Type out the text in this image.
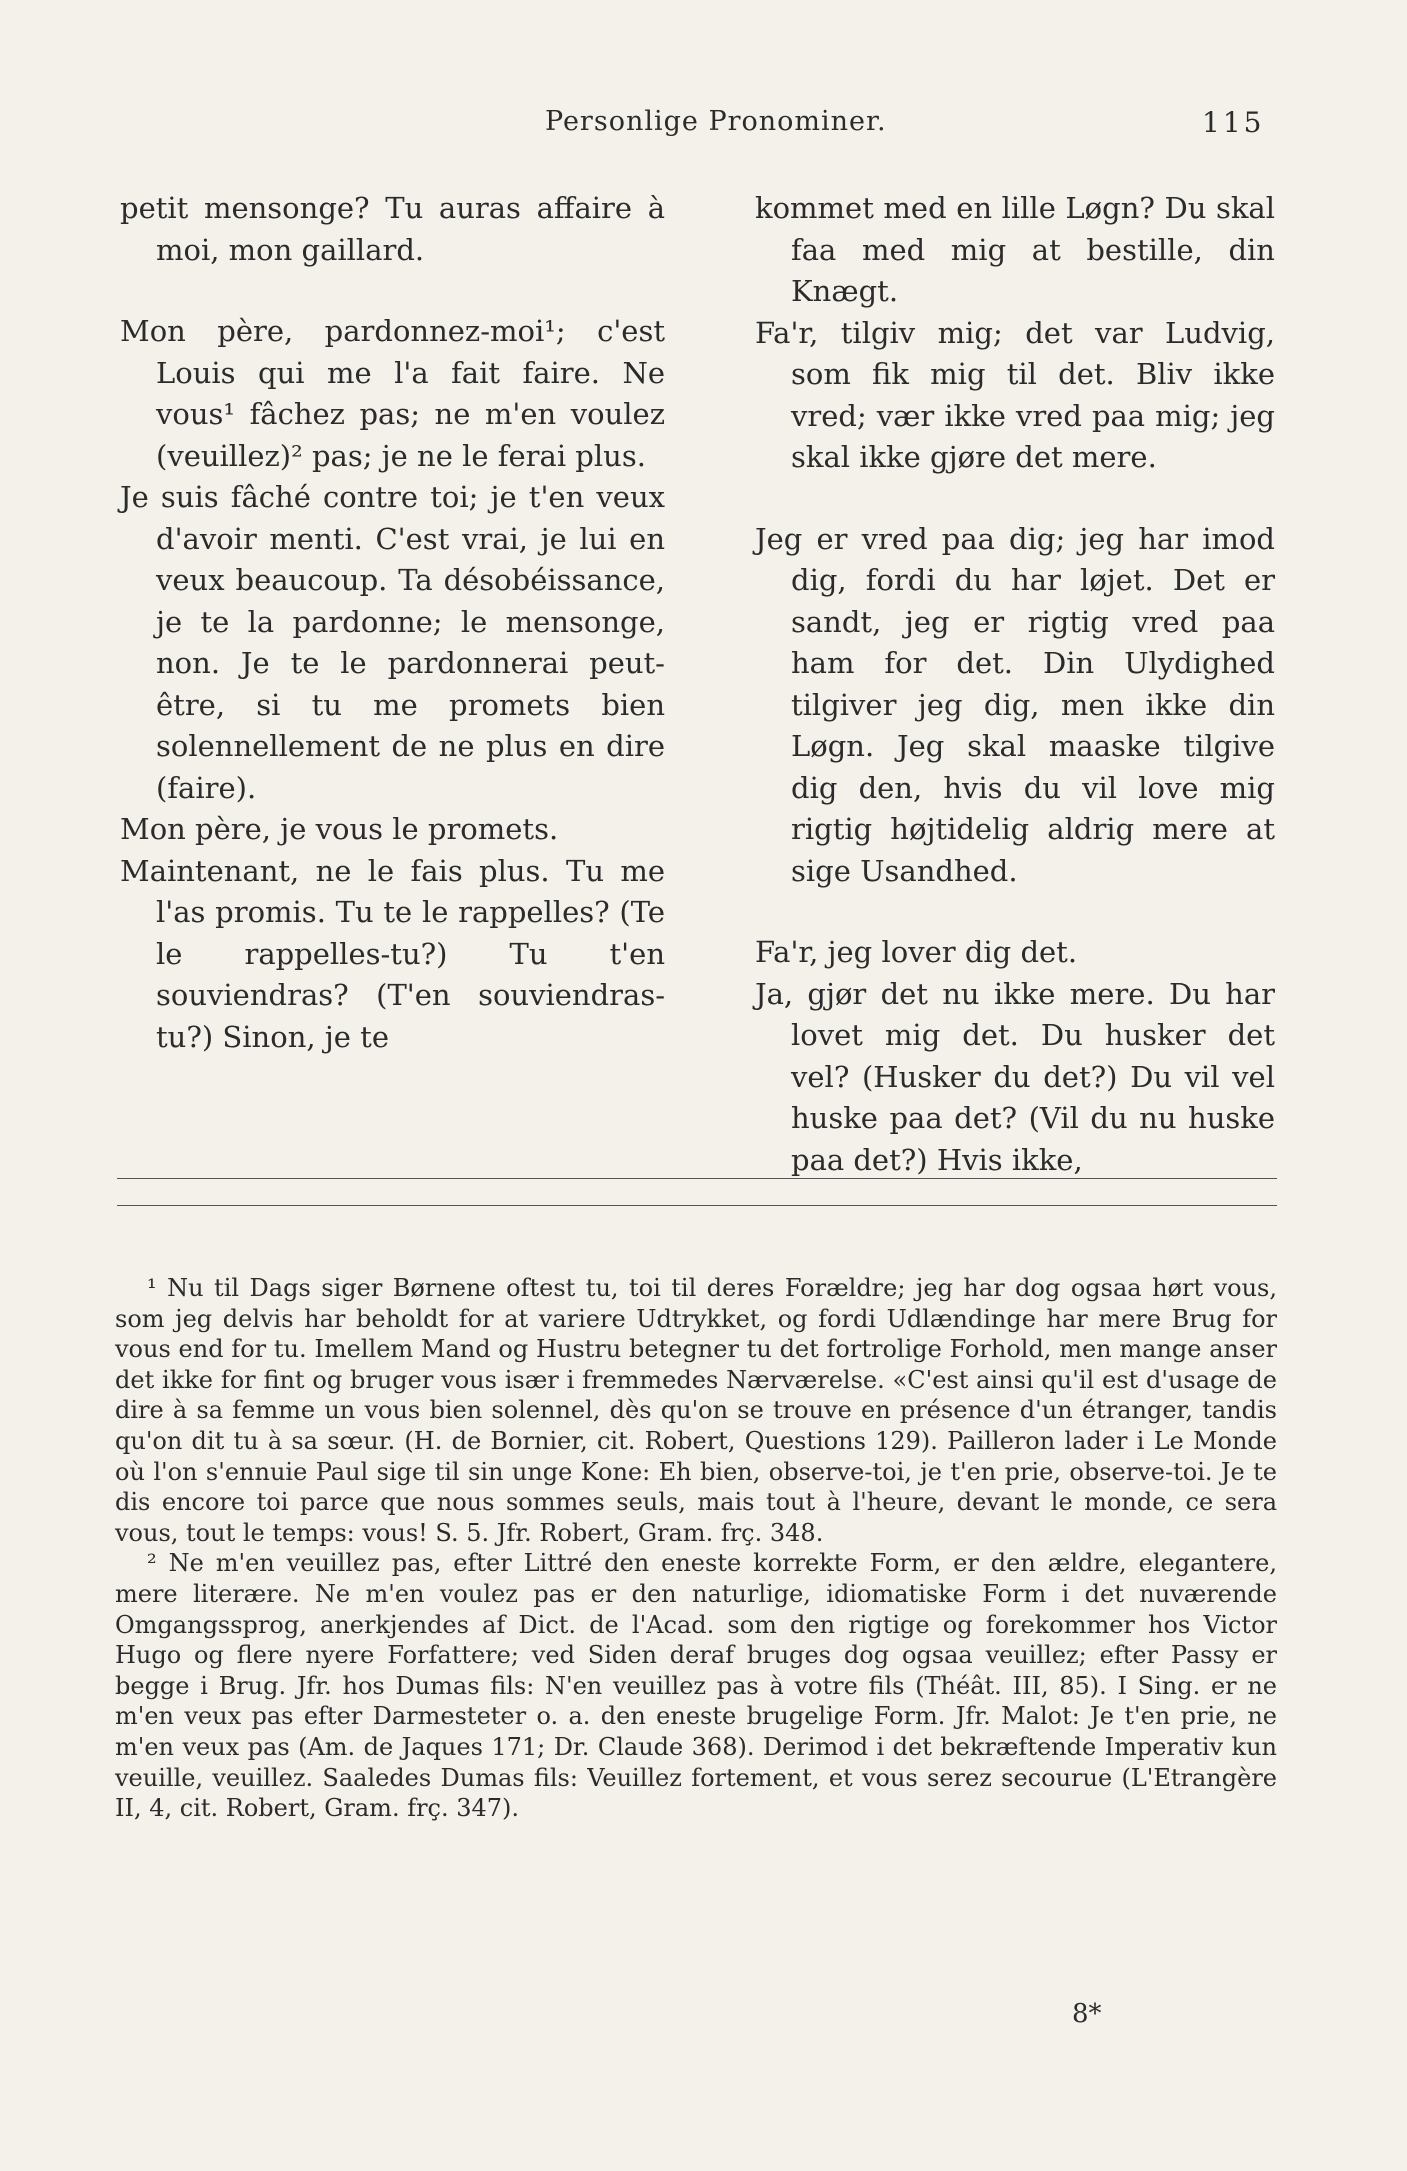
Personlige Pronominer.	115

petit mensonge? Tu auras affaire à moi, mon gaillard.

Mon père, pardonnez-moi¹; c'est Louis qui me l'a fait faire. Ne vous¹ fâchez pas; ne m'en voulez (veuillez)² pas; je ne le ferai plus.

Je suis fâché contre toi; je t'en veux d'avoir menti. C'est vrai, je lui en veux beaucoup. Ta désobéissance, je te la pardonne; le mensonge, non. Je te le pardonnerai peut-être, si tu me promets bien solennellement de ne plus en dire (faire).

Mon père, je vous le promets.

Maintenant, ne le fais plus. Tu me l'as promis. Tu te le rappelles? (Te le rappelles-tu?) Tu t'en souviendras? (T'en souviendras-tu?) Sinon, je te

kommet med en lille Løgn? Du skal faa med mig at bestille, din Knægt.

Fa'r, tilgiv mig; det var Ludvig, som fik mig til det. Bliv ikke vred; vær ikke vred paa mig; jeg skal ikke gjøre det mere.

Jeg er vred paa dig; jeg har imod dig, fordi du har løjet. Det er sandt, jeg er rigtig vred paa ham for det. Din Ulydighed tilgiver jeg dig, men ikke din Løgn. Jeg skal maaske tilgive dig den, hvis du vil love mig rigtig højtidelig aldrig mere at sige Usandhed.

Fa'r, jeg lover dig det.

Ja, gjør det nu ikke mere. Du har lovet mig det. Du husker det vel? (Husker du det?) Du vil vel huske paa det? (Vil du nu huske paa det?) Hvis ikke,

¹ Nu til Dags siger Børnene oftest tu, toi til deres Forældre; jeg har dog ogsaa hørt vous, som jeg delvis har beholdt for at variere Udtrykket, og fordi Udlændinge har mere Brug for vous end for tu. Imellem Mand og Hustru betegner tu det fortrolige Forhold, men mange anser det ikke for fint og bruger vous især i fremmedes Nærværelse. «C'est ainsi qu'il est d'usage de dire à sa femme un vous bien solennel, dès qu'on se trouve en présence d'un étranger, tandis qu'on dit tu à sa sœur. (H. de Bornier, cit. Robert, Questions 129). Pailleron lader i Le Monde où l'on s'ennuie Paul sige til sin unge Kone: Eh bien, observe-toi, je t'en prie, observe-toi. Je te dis encore toi parce que nous sommes seuls, mais tout à l'heure, devant le monde, ce sera vous, tout le temps: vous! S. 5. Jfr. Robert, Gram. frç. 348.

² Ne m'en veuillez pas, efter Littré den eneste korrekte Form, er den ældre, elegantere, mere literære. Ne m'en voulez pas er den naturlige, idiomatiske Form i det nuværende Omgangssprog, anerkjendes af Dict. de l'Acad. som den rigtige og forekommer hos Victor Hugo og flere nyere Forfattere; ved Siden deraf bruges dog ogsaa veuillez; efter Passy er begge i Brug. Jfr. hos Dumas fils: N'en veuillez pas à votre fils (Théât. III, 85). I Sing. er ne m'en veux pas efter Darmesteter o. a. den eneste brugelige Form. Jfr. Malot: Je t'en prie, ne m'en veux pas (Am. de Jaques 171; Dr. Claude 368). Derimod i det bekræftende Imperativ kun veuille, veuillez. Saaledes Dumas fils: Veuillez fortement, et vous serez secourue (L'Etrangère II, 4, cit. Robert, Gram. frç. 347).

8*
